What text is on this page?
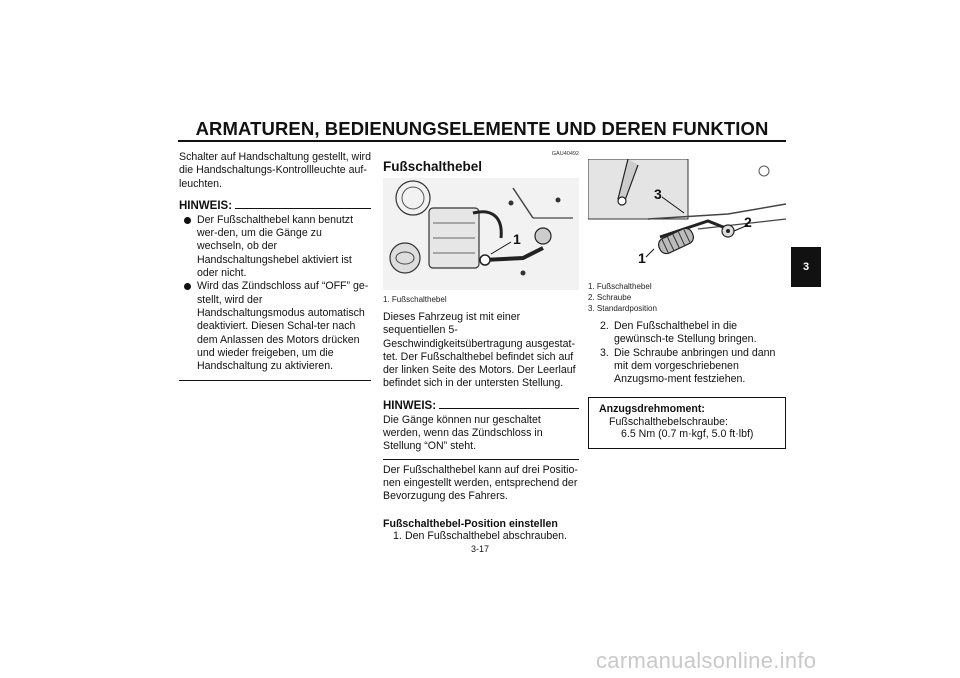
ARMATUREN, BEDIENUNGSELEMENTE UND DEREN FUNKTION

Schalter auf Handschaltung gestellt, wird die Handschaltungs-Kontrollleuchte auf-leuchten.

HINWEIS:
Der Fußschalthebel kann benutzt wer-den, um die Gänge zu wechseln, ob der Handschaltungshebel aktiviert ist oder nicht.
Wird das Zündschloss auf “OFF” ge-stellt, wird der Handschaltungsmodus automatisch deaktiviert. Diesen Schal-ter nach dem Anlassen des Motors drücken und wieder freigeben, um die Handschaltung zu aktivieren.

GAU40492

Fußschalthebel

1

1. Fußschalthebel

Dieses Fahrzeug ist mit einer sequentiellen 5-Geschwindigkeitsübertragung ausgestat-tet. Der Fußschalthebel befindet sich auf der linken Seite des Motors. Der Leerlauf befindet sich in der untersten Stellung.

HINWEIS:

Die Gänge können nur geschaltet werden, wenn das Zündschloss in Stellung “ON” steht.

Der Fußschalthebel kann auf drei Positio-nen eingestellt werden, entsprechend der Bevorzugung des Fahrers.

Fußschalthebel-Position einstellen

1. Den Fußschalthebel abschrauben.
1
2
3

1. Fußschalthebel
2. Schraube
3. Standardposition

2. Den Fußschalthebel in die gewünsch-te Stellung bringen.
3. Die Schraube anbringen und dann mit dem vorgeschriebenen Anzugsmo-ment festziehen.
Anzugsdrehmoment:
Fußschalthebelschraube:
6.5 Nm (0.7 m·kgf, 5.0 ft·lbf)
3
3-17
carmanualsonline.info
